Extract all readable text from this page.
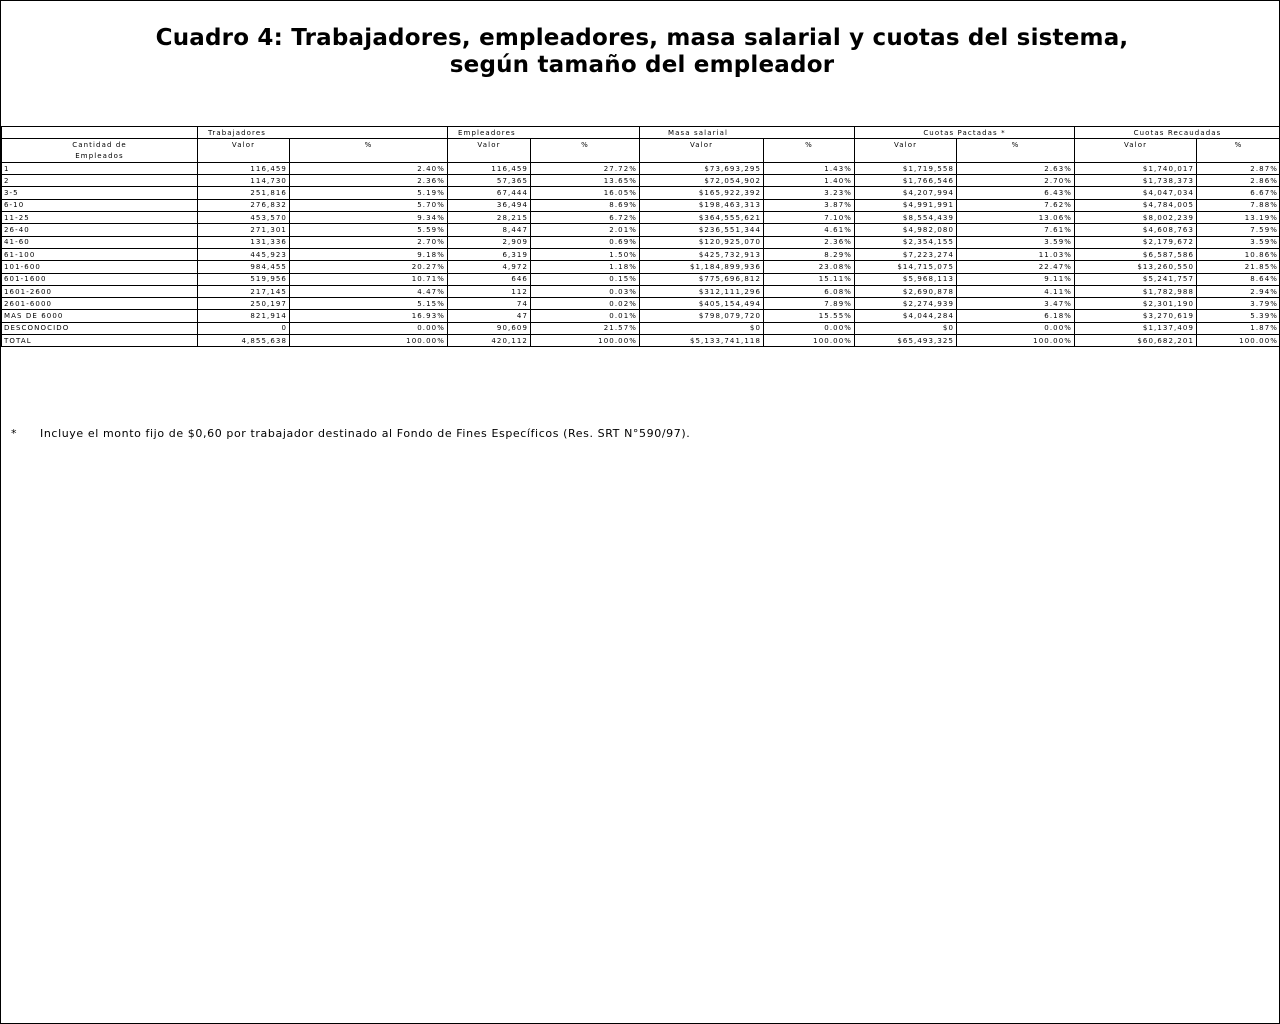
Cuadro 4: Trabajadores, empleadores, masa salarial y cuotas del sistema,
según tamaño del empleador
	Trabajadores		Empleadores		Masa salarial		Cuotas Pactadas *		Cuotas Recaudadas	
Cantidad de	Valor	%	Valor	%	Valor	%	Valor	%	Valor	%
Empleados										
1	116,459	2.40%	116,459	27.72%	$73,693,295	1.43%	$1,719,558	2.63%	$1,740,017	2.87%
2	114,730	2.36%	57,365	13.65%	$72,054,902	1.40%	$1,766,546	2.70%	$1,738,373	2.86%
3-5	251,816	5.19%	67,444	16.05%	$165,922,392	3.23%	$4,207,994	6.43%	$4,047,034	6.67%
6-10	276,832	5.70%	36,494	8.69%	$198,463,313	3.87%	$4,991,991	7.62%	$4,784,005	7.88%
11-25	453,570	9.34%	28,215	6.72%	$364,555,621	7.10%	$8,554,439	13.06%	$8,002,239	13.19%
26-40	271,301	5.59%	8,447	2.01%	$236,551,344	4.61%	$4,982,080	7.61%	$4,608,763	7.59%
41-60	131,336	2.70%	2,909	0.69%	$120,925,070	2.36%	$2,354,155	3.59%	$2,179,672	3.59%
61-100	445,923	9.18%	6,319	1.50%	$425,732,913	8.29%	$7,223,274	11.03%	$6,587,586	10.86%
101-600	984,455	20.27%	4,972	1.18%	$1,184,899,936	23.08%	$14,715,075	22.47%	$13,260,550	21.85%
601-1600	519,956	10.71%	646	0.15%	$775,696,812	15.11%	$5,968,113	9.11%	$5,241,757	8.64%
1601-2600	217,145	4.47%	112	0.03%	$312,111,296	6.08%	$2,690,878	4.11%	$1,782,988	2.94%
2601-6000	250,197	5.15%	74	0.02%	$405,154,494	7.89%	$2,274,939	3.47%	$2,301,190	3.79%
MAS DE 6000	821,914	16.93%	47	0.01%	$798,079,720	15.55%	$4,044,284	6.18%	$3,270,619	5.39%
DESCONOCIDO	0	0.00%	90,609	21.57%	$0	0.00%	$0	0.00%	$1,137,409	1.87%
TOTAL	4,855,638	100.00%	420,112	100.00%	$5,133,741,118	100.00%	$65,493,325	100.00%	$60,682,201	100.00%
* Incluye el monto fijo de $0,60 por trabajador destinado al Fondo de Fines Específicos (Res. SRT N°590/97).
